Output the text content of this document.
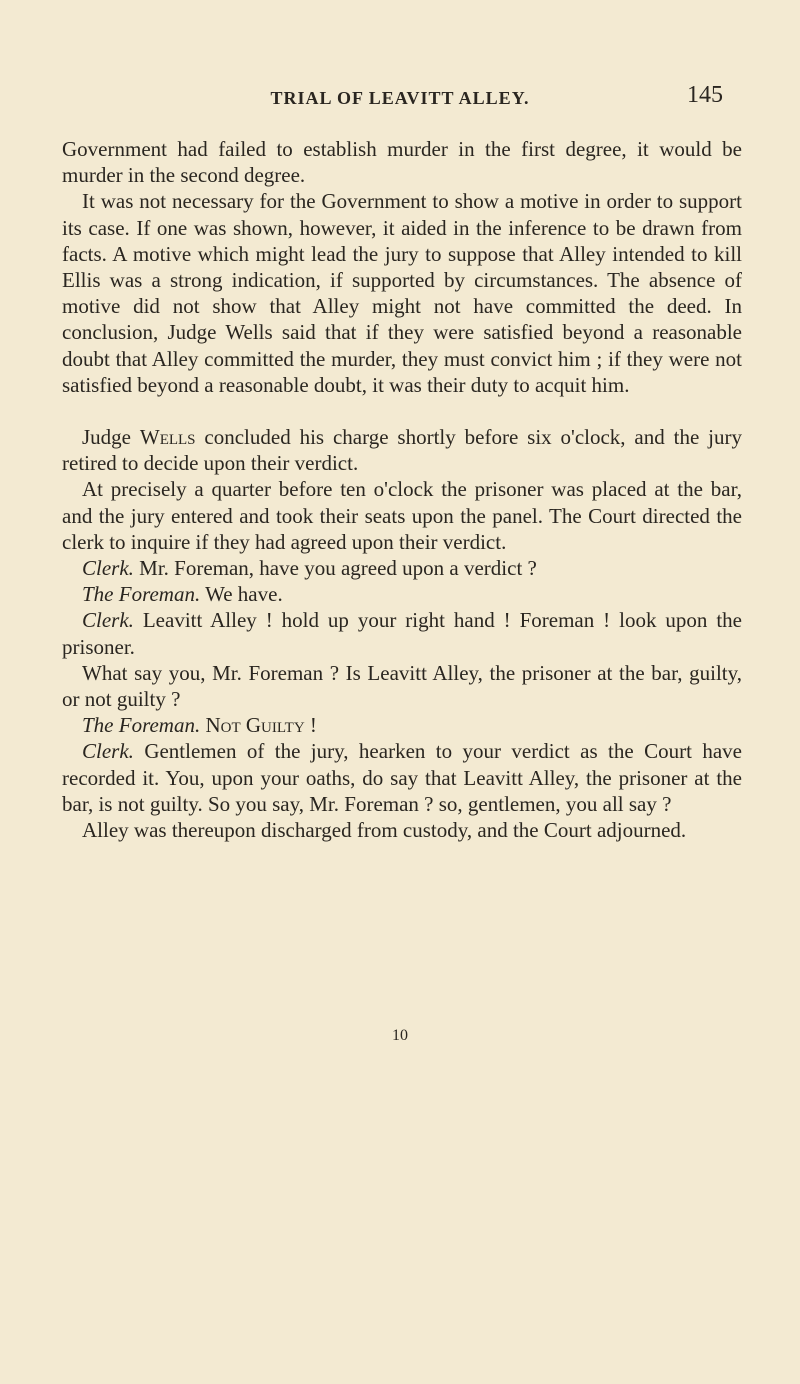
TRIAL OF LEAVITT ALLEY.	145

Government had failed to establish murder in the first degree, it would be murder in the second degree.

It was not necessary for the Government to show a motive in order to support its case. If one was shown, however, it aided in the inference to be drawn from facts. A motive which might lead the jury to suppose that Alley intended to kill Ellis was a strong indication, if supported by circumstances. The absence of motive did not show that Alley might not have committed the deed. In conclusion, Judge Wells said that if they were satisfied beyond a reasonable doubt that Alley committed the murder, they must convict him ; if they were not satisfied beyond a reasonable doubt, it was their duty to acquit him.

Judge Wells concluded his charge shortly before six o'clock, and the jury retired to decide upon their verdict.

At precisely a quarter before ten o'clock the prisoner was placed at the bar, and the jury entered and took their seats upon the panel. The Court directed the clerk to inquire if they had agreed upon their verdict.

Clerk. Mr. Foreman, have you agreed upon a verdict ?

The Foreman. We have.

Clerk. Leavitt Alley ! hold up your right hand ! Foreman ! look upon the prisoner.

What say you, Mr. Foreman ? Is Leavitt Alley, the prisoner at the bar, guilty, or not guilty ?

The Foreman. Not Guilty !

Clerk. Gentlemen of the jury, hearken to your verdict as the Court have recorded it. You, upon your oaths, do say that Leavitt Alley, the prisoner at the bar, is not guilty. So you say, Mr. Foreman ? so, gentlemen, you all say ?

Alley was thereupon discharged from custody, and the Court adjourned.

10
